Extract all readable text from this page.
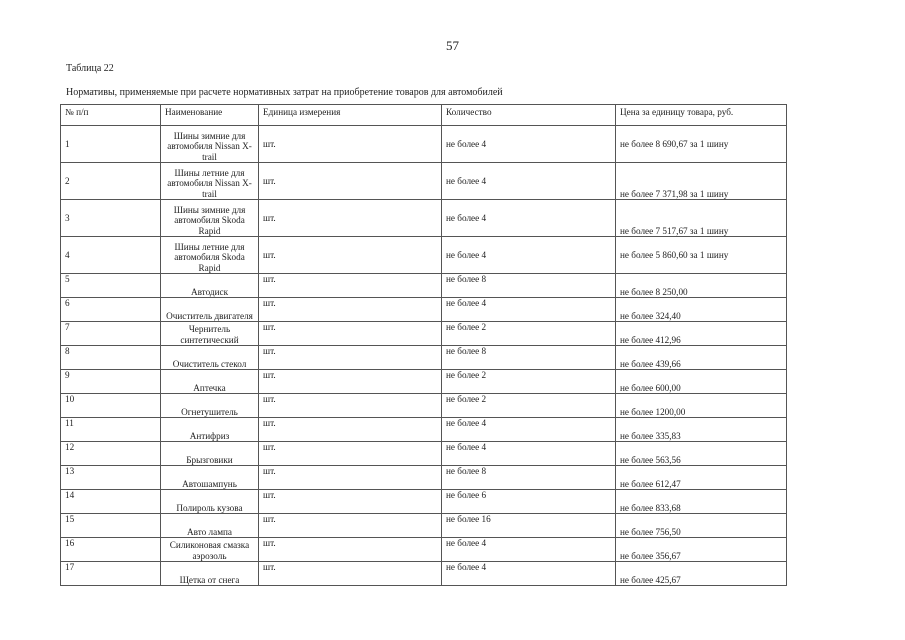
57
Таблица 22
Нормативы, применяемые при расчете нормативных затрат на приобретение товаров для автомобилей
№ п/п	Наименование	Единица измерения	Количество	Цена за единицу товара, руб.
1	Шины зимние для автомобиля Nissan X-trail	шт.	не более 4	не более 8 690,67 за 1 шину
2	Шины летние для автомобиля Nissan X-trail	шт.	не более 4	не более 7 371,98 за 1 шину
3	Шины зимние для автомобиля Skoda Rapid	шт.	не более 4	не более 7 517,67 за 1 шину
4	Шины летние для автомобиля Skoda Rapid	шт.	не более 4	не более 5 860,60 за 1 шину
5	Автодиск	шт.	не более 8	не более 8 250,00
6	Очиститель двигателя	шт.	не более 4	не более 324,40
7	Чернитель синтетический	шт.	не более 2	не более 412,96
8	Очиститель стекол	шт.	не более 8	не более 439,66
9	Аптечка	шт.	не более 2	не более 600,00
10	Огнетушитель	шт.	не более 2	не более 1200,00
11	Антифриз	шт.	не более 4	не более 335,83
12	Брызговики	шт.	не более 4	не более 563,56
13	Автошампунь	шт.	не более 8	не более 612,47
14	Полироль кузова	шт.	не более 6	не более 833,68
15	Авто лампа	шт.	не более 16	не более 756,50
16	Силиконовая смазка аэрозоль	шт.	не более 4	не более 356,67
17	Щетка от снега	шт.	не более 4	не более 425,67
